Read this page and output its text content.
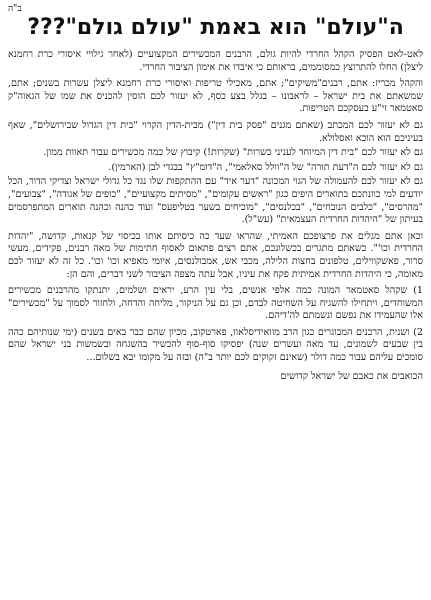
ב"ה
ה"עולם" הוא באמת "עולם גולם"???

לאט-לאט הפסיק הקהל החרדי להיות גולם, הרבנים המכשירים המקצועיים (לאחר גילויי איסורי כרת רחמנא ליצלן) החלו להתרוצץ כמסוממים, בראותם כי איבדו את אימון הציבור החרדי.

והקהל מכריז: אתם, רבנים"משיקים"; אתם, מאכילי טריפות ואיסורי כרת רחמנא ליצלן עשרות בשנים; אתם, שמשאתם את בית ישראל – לראבונו – בגלל בצע כסף, לא יעזור לכם הוסין להכניס את שמו של הגאוה"ק סאטמאר זי"ע בעסקכם הטריפות.

גם לא יעזור לכם המכתב (שאתם מגנים "פסק בית דין") מבית-הדין הקרוי "בית דין הגדול שבירושלים", שאף בעיניכם הוא הוכא ואסלולא.

גם לא יעזור לכם "בית דין המיוחד לעניני כשרות" (שקרות!) קיבוץ של כמה מכשירים עבור תאוות ממון.

גם לא יעזור לכם ה"דעת תורה" של ה"וולל סאלאמי", ה"דומ"ץ" בבגדי לבן (הארמין).

גם לא יעזור לכם להעמולה של הגוי המכונה "דער איד" עם ההתקפות שלו נגד כל גדולי ישראל וצדיקי הדור, הכל יודעים למי כוונתכם בתוארים היפים כגון "ראשים עקומים", "מסיתים מקצועיים", "כופים של אגודה", "צבועים", "מהרסים", "כלבים הנובחים", "בכלנסים", "מוכיחים בשער בטליפעס" ועוד כהנה וכהנה תוארים המתפרסמים בעיתון של "היהדות החרדית העצמאית" (עש"ל).

וכאן אתם מגלים את פרצופכם האמיתי, שהראו שעד כה כיסיתם אותו בכיסוי של קנאות, קדושה, "יהדות החרדית וכו'". כשאתם מתגרים בכשלונכם, אתם רצים פתאום לאסוף חתימות של מאה רבנים, פקידים, מעשי סרור, פאשקווילים, טלפונים בחצות הלילה, מכבי אש, אמבולנסים, איומי מאפיא וכו' וכו'. כל זה לא יעזור לכם מאומה, כי היהדות החרדית אמיתית פקח את עיניו, אבל עתה מצפה הציבור לשני דברים, והם הן:

1) שקהל סאטמאר המונה כמה אלפי אנשים, בלי עין הרע, יראים ושלמים, יתנתקו מהרבנים מכשירים המשוחדים, ויתחילו להשגיח על השחיטה לבדם, וכן גם על הניקור, מליחה והדחה, ולחזור לסמוך על "מכשירים" אלו שהעמידו את נפשם ונשמתם לה'דיהם.

2) ושנית, הרבנים המבוגרים כגון הרב מוואידיסלאוו, פארטקוב, מכיון שהם כבר באים בשנים (ימי שנותיהם כהה בין שבעים לשמונים, עד מאה ועשרים שנה) יפסיקו סוף-סוף להכשיר בהשגחה ובשמשות בני ישראל שהם סומכים עליהם עבור כמה דולר (שאינם זקוקים לכם יותר ב"ה) ובזה על מקומו יבא בשלום...

הכואבים את כאבם של ישראל קדושים
